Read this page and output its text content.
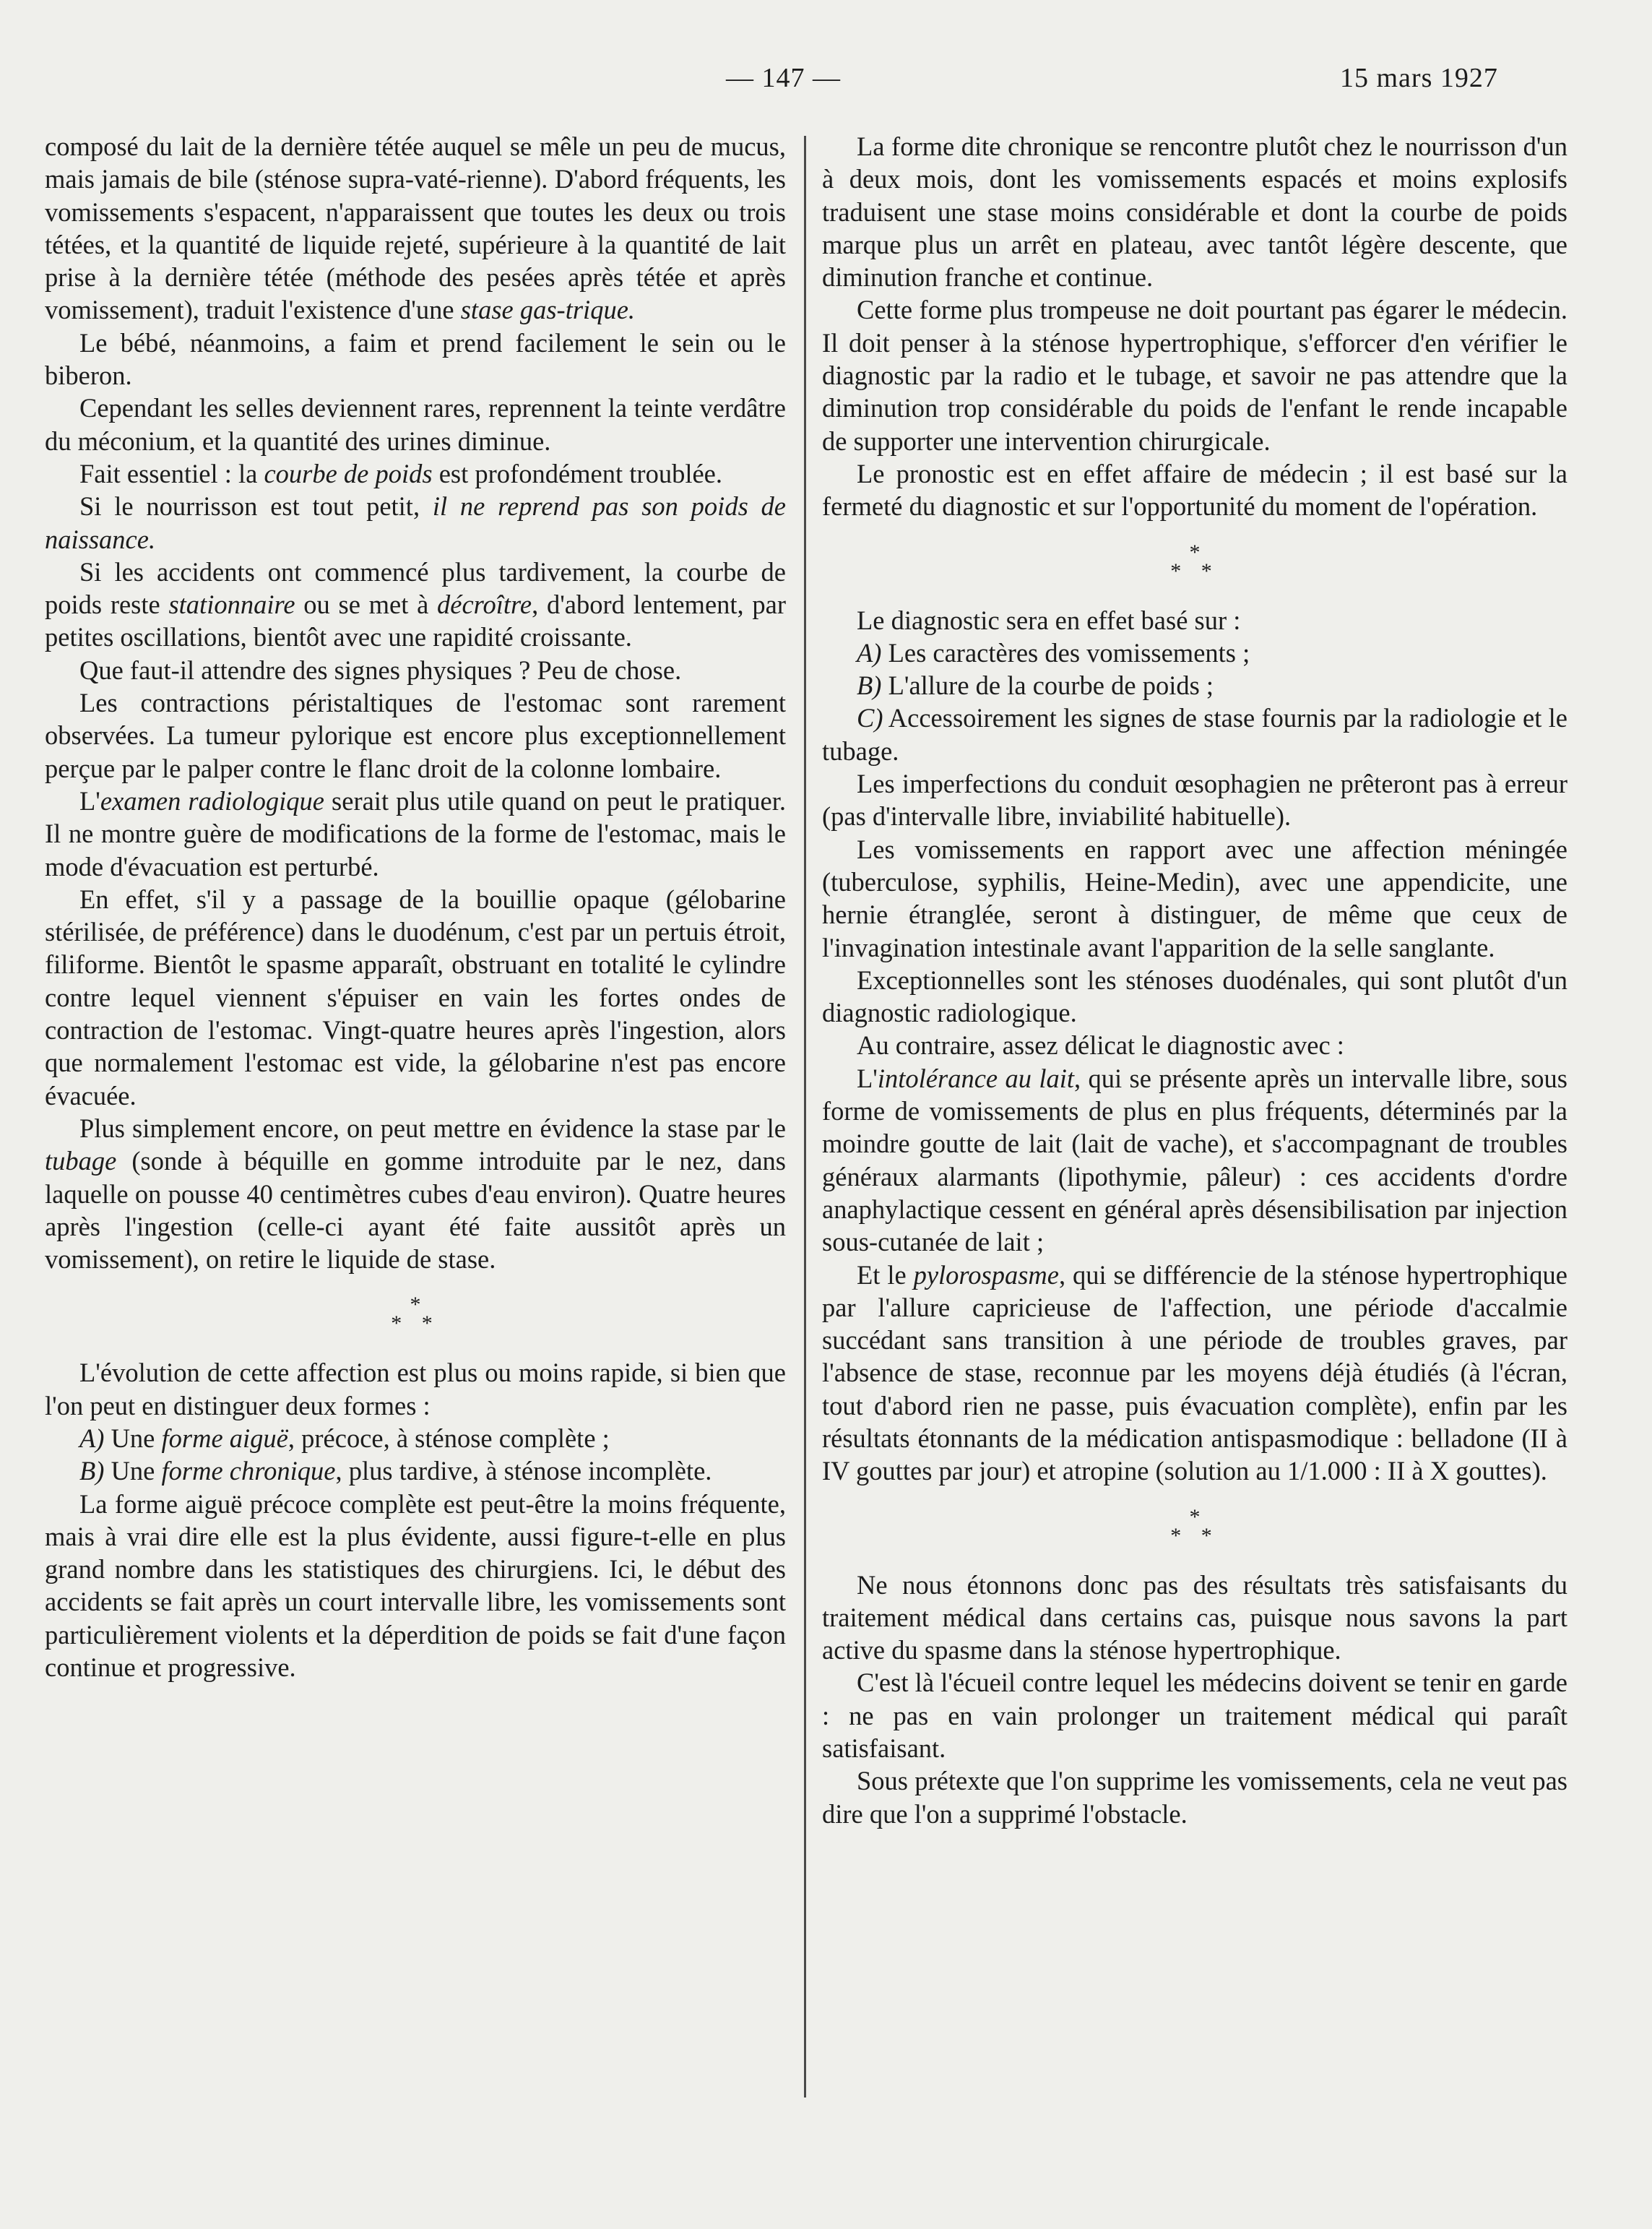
— 147 —	15 mars 1927

composé du lait de la dernière tétée auquel se mêle un peu de mucus, mais jamais de bile (sténose supra-vaté-rienne). D'abord fréquents, les vomissements s'espacent, n'apparaissent que toutes les deux ou trois tétées, et la quantité de liquide rejeté, supérieure à la quantité de lait prise à la dernière tétée (méthode des pesées après tétée et après vomissement), traduit l'existence d'une stase gas-trique.

Le bébé, néanmoins, a faim et prend facilement le sein ou le biberon.

Cependant les selles deviennent rares, reprennent la teinte verdâtre du méconium, et la quantité des urines diminue.

Fait essentiel : la courbe de poids est profondément troublée.

Si le nourrisson est tout petit, il ne reprend pas son poids de naissance.

Si les accidents ont commencé plus tardivement, la courbe de poids reste stationnaire ou se met à décroître, d'abord lentement, par petites oscillations, bientôt avec une rapidité croissante.

Que faut-il attendre des signes physiques ? Peu de chose.

Les contractions péristaltiques de l'estomac sont rarement observées. La tumeur pylorique est encore plus exceptionnellement perçue par le palper contre le flanc droit de la colonne lombaire.

L'examen radiologique serait plus utile quand on peut le pratiquer. Il ne montre guère de modifications de la forme de l'estomac, mais le mode d'évacuation est perturbé.

En effet, s'il y a passage de la bouillie opaque (gélobarine stérilisée, de préférence) dans le duodénum, c'est par un pertuis étroit, filiforme. Bientôt le spasme apparaît, obstruant en totalité le cylindre contre lequel viennent s'épuiser en vain les fortes ondes de contraction de l'estomac. Vingt-quatre heures après l'ingestion, alors que normalement l'estomac est vide, la gélobarine n'est pas encore évacuée.

Plus simplement encore, on peut mettre en évidence la stase par le tubage (sonde à béquille en gomme introduite par le nez, dans laquelle on pousse 40 centimètres cubes d'eau environ). Quatre heures après l'ingestion (celle-ci ayant été faite aussitôt après un vomissement), on retire le liquide de stase.

*
* *

L'évolution de cette affection est plus ou moins rapide, si bien que l'on peut en distinguer deux formes :

A) Une forme aiguë, précoce, à sténose complète ;

B) Une forme chronique, plus tardive, à sténose incomplète.

La forme aiguë précoce complète est peut-être la moins fréquente, mais à vrai dire elle est la plus évidente, aussi figure-t-elle en plus grand nombre dans les statistiques des chirurgiens. Ici, le début des accidents se fait après un court intervalle libre, les vomissements sont particulièrement violents et la déperdition de poids se fait d'une façon continue et progressive.

La forme dite chronique se rencontre plutôt chez le nourrisson d'un à deux mois, dont les vomissements espacés et moins explosifs traduisent une stase moins considérable et dont la courbe de poids marque plus un arrêt en plateau, avec tantôt légère descente, que diminution franche et continue.

Cette forme plus trompeuse ne doit pourtant pas égarer le médecin. Il doit penser à la sténose hypertrophique, s'efforcer d'en vérifier le diagnostic par la radio et le tubage, et savoir ne pas attendre que la diminution trop considérable du poids de l'enfant le rende incapable de supporter une intervention chirurgicale.

Le pronostic est en effet affaire de médecin ; il est basé sur la fermeté du diagnostic et sur l'opportunité du moment de l'opération.

*
* *

Le diagnostic sera en effet basé sur :

A) Les caractères des vomissements ;

B) L'allure de la courbe de poids ;

C) Accessoirement les signes de stase fournis par la radiologie et le tubage.

Les imperfections du conduit œsophagien ne prêteront pas à erreur (pas d'intervalle libre, inviabilité habituelle).

Les vomissements en rapport avec une affection méningée (tuberculose, syphilis, Heine-Medin), avec une appendicite, une hernie étranglée, seront à distinguer, de même que ceux de l'invagination intestinale avant l'apparition de la selle sanglante.

Exceptionnelles sont les sténoses duodénales, qui sont plutôt d'un diagnostic radiologique.

Au contraire, assez délicat le diagnostic avec :

L'intolérance au lait, qui se présente après un intervalle libre, sous forme de vomissements de plus en plus fréquents, déterminés par la moindre goutte de lait (lait de vache), et s'accompagnant de troubles généraux alarmants (lipothymie, pâleur) : ces accidents d'ordre anaphylactique cessent en général après désensibilisation par injection sous-cutanée de lait ;

Et le pylorospasme, qui se différencie de la sténose hypertrophique par l'allure capricieuse de l'affection, une période d'accalmie succédant sans transition à une période de troubles graves, par l'absence de stase, reconnue par les moyens déjà étudiés (à l'écran, tout d'abord rien ne passe, puis évacuation complète), enfin par les résultats étonnants de la médication antispasmodique : belladone (II à IV gouttes par jour) et atropine (solution au 1/1.000 : II à X gouttes).

*
* *

Ne nous étonnons donc pas des résultats très satisfaisants du traitement médical dans certains cas, puisque nous savons la part active du spasme dans la sténose hypertrophique.

C'est là l'écueil contre lequel les médecins doivent se tenir en garde : ne pas en vain prolonger un traitement médical qui paraît satisfaisant.

Sous prétexte que l'on supprime les vomissements, cela ne veut pas dire que l'on a supprimé l'obstacle.
